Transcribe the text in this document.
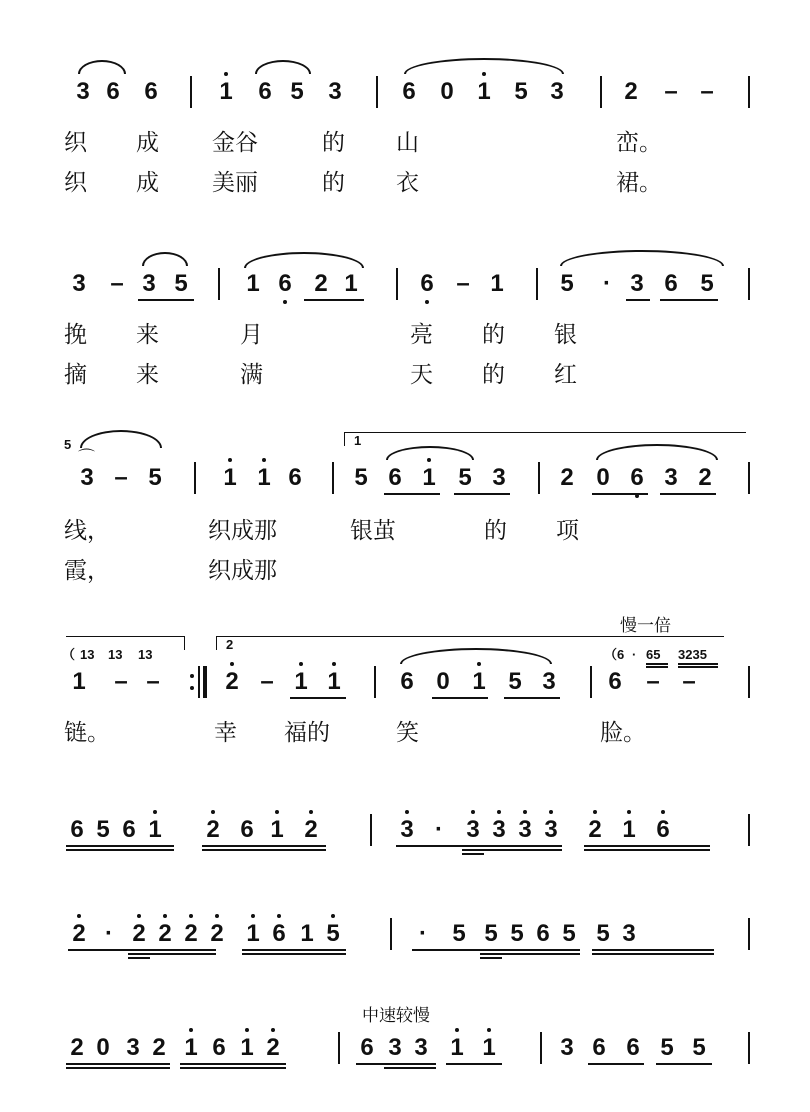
3 6 6	1 6 5 3	6 0 1 5 3	2 – –
织 成 金谷	的 山	峦。
织 成 美丽	的 衣	裙。
3 – 3 5 1 6 2 1	6 – 1 5 · 3 6 5
挽 来	月	亮 的 银
摘 来	满	天 的 红
5
⌒
3 – 5	1 1 6
1
5 6 1 5 3 2 0 6 3 2
线，	织成那	银茧	的 项
霞，	织成那
（ 13 13 13
1 – –
2
慢一倍
2 – 1 1 6 0 1 5 3
（6 · 65 3235
6 – –
链。	幸 福的	笑	脸。
6 5 6 1 2 6 1 2	3 · 3 3 3 3 2 1 6
2 · 2 2 2 2 1 6 1 5	· 5 5 5 6 5 5 3
中速较慢
2 0 3 2 1 6 1 2	6 3 3 1 1	3 6 6 5 5
